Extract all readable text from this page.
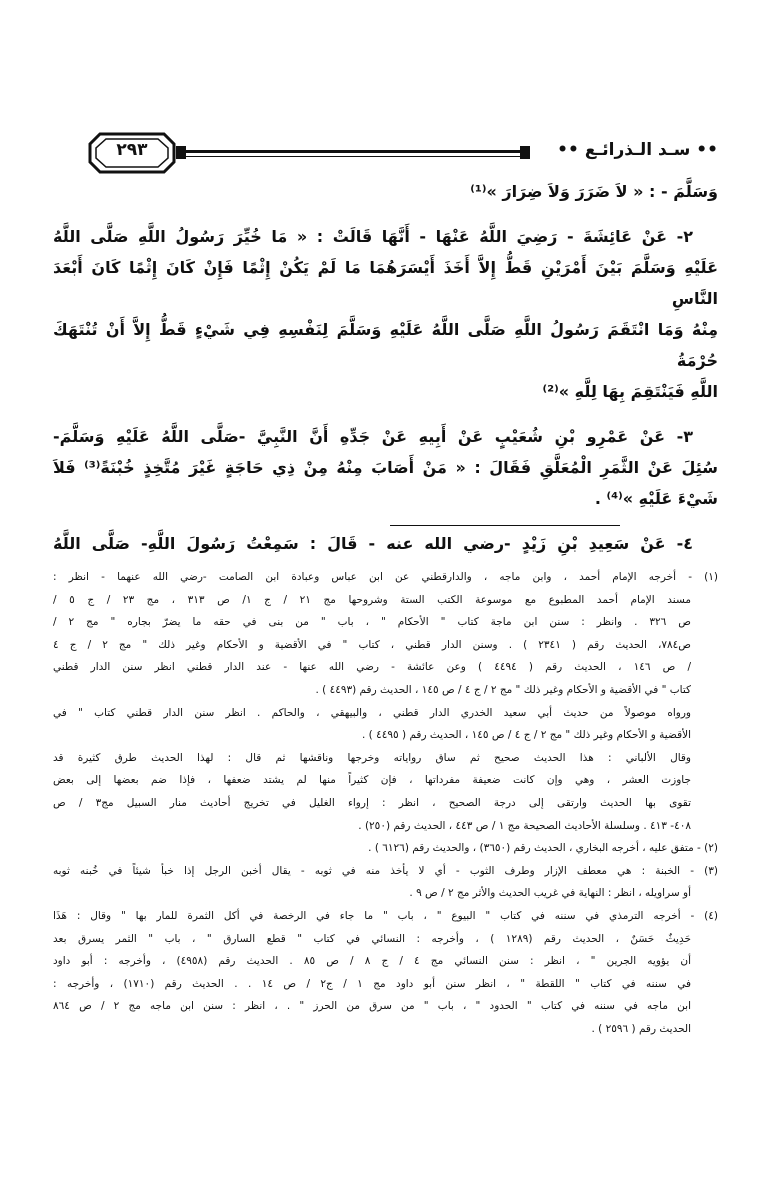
•• سـد الـذرائـع ••
٢٩٣
وَسَلَّمَ - : « لاَ ضَرَرَ وَلاَ ضِرَارَ »⁽¹⁾
٢- عَنْ عَائِشَةَ - رَضِيَ اللَّهُ عَنْهَا - أَنَّهَا قَالَتْ : « مَا خُيِّرَ رَسُولُ اللَّهِ صَلَّى اللَّهُ
عَلَيْهِ وَسَلَّمَ بَيْنَ أَمْرَيْنِ قَطُّ إِلاَّ أَخَذَ أَيْسَرَهُمَا مَا لَمْ يَكُنْ إِثْمًا فَإِنْ كَانَ إِثْمًا كَانَ أَبْعَدَ النَّاسِ
مِنْهُ وَمَا انْتَقَمَ رَسُولُ اللَّهِ صَلَّى اللَّهُ عَلَيْهِ وَسَلَّمَ لِنَفْسِهِ فِي شَيْءٍ قَطُّ إِلاَّ أَنْ تُنْتَهَكَ حُرْمَةُ
اللَّهِ فَيَنْتَقِمَ بِهَا لِلَّهِ »⁽²⁾
٣- عَنْ عَمْرِو بْنِ شُعَيْبٍ عَنْ أَبِيهِ عَنْ جَدِّهِ أَنَّ النَّبِيَّ -صَلَّى اللَّهُ عَلَيْهِ وَسَلَّمَ-
سُئِلَ عَنْ الثَّمَرِ الْمُعَلَّقِ فَقَالَ : « مَنْ أَصَابَ مِنْهُ مِنْ ذِي حَاجَةٍ غَيْرَ مُتَّخِذٍ خُبْنَةً⁽³⁾ فَلاَ
شَيْءَ عَلَيْهِ »⁽⁴⁾ .
٤- عَنْ سَعِيدِ بْنِ زَيْدٍ -رضي الله عنه - قَالَ : سَمِعْتُ رَسُولَ اللَّهِ- صَلَّى اللَّهُ
(١) - أخرجه الإمام أحمد ، وابن ماجه ، والدارقطني عن ابن عباس وعبادة ابن الصامت -رضي الله عنهما - انظر :
مسند الإمام أحمد المطبوع مع موسوعة الكتب الستة وشروحها مج ٢١ / ج ١/ ص ٣١٣ ، مج ٢٣ / ج ٥ /
ص ٣٢٦ . وانظر : سنن ابن ماجة كتاب " الأحكام " ، باب " من بنى في حقه ما يضرّ بجاره " مج ٢ /
ص٧٨٤، الحديث رقم ( ٢٣٤١ ) . وسنن الدار قطني ، كتاب " في الأقضية و الأحكام وغير ذلك " مج ٢ / ج ٤
/ ص ١٤٦ ، الحديث رقم ( ٤٤٩٤ ) وعن عائشة - رضي الله عنها - عند الدار قطني انظر سنن الدار قطني
كتاب " في الأقضية و الأحكام وغير ذلك " مج ٢ / ج ٤ / ص ١٤٥ ، الحديث رقم (٤٤٩٣ ) .
ورواه موصولاً من حديث أبي سعيد الخدري الدار قطني ، والبيهقي ، والحاكم . انظر سنن الدار قطني كتاب " في
الأقضية و الأحكام وغير ذلك " مج ٢ / ج ٤ / ص ١٤٥ ، الحديث رقم ( ٤٤٩٥ ) .
وقال الألباني : هذا الحديث صحيح ثم ساق رواياته وخرجها وناقشها ثم قال : لهذا الحديث طرق كثيرة قد
جاوزت العشر ، وهي وإن كانت ضعيفة مفرداتها ، فإن كثيراً منها لم يشتد ضعفها ، فإذا ضم بعضها إلى بعض
تقوى بها الحديث وارتقى إلى درجة الصحيح ، انظر : إرواء الغليل في تخريج أحاديث منار السبيل مج٣ / ص
٤٠٨- ٤١٣ . وسلسلة الأحاديث الصحيحة مج ١ / ص ٤٤٣ ، الحديث رقم (٢٥٠) .
(٢) - متفق عليه ، أخرجه البخاري ، الحديث رقم (٣٦٥٠) ، والحديث رقم (٦١٢٦ ) .
(٣) - الخبنة : هي معطف الإزار وطرف الثوب - أي لا يأخذ منه في ثوبه - يقال أخبن الرجل إذا خبأ شيئاً في خُبنه ثوبه
أو سراويله ، انظر : النهاية في غريب الحديث والأثر مج ٢ / ص ٩ .
(٤) - أخرجه الترمذي في سننه في كتاب " البيوع " ، باب " ما جاء في الرخصة في أكل الثمرة للمار بها " وقال : هَذَا
حَدِيثٌ حَسَنٌ ، الحديث رقم (١٢٨٩ ) ، وأخرجه : النسائي في كتاب " قطع السارق " ، باب " الثمر يسرق بعد
أن يؤويه الجرين " ، انظر : سنن النسائي مج ٤ / ج ٨ / ص ٨٥ . الحديث رقم (٤٩٥٨) ، وأخرجه : أبو داود
في سننه في كتاب " اللقطة " ، انظر سنن أبو داود مج ١ / ج٢ / ص ١٤ . . الحديث رقم (١٧١٠) ، وأخرجه :
ابن ماجه في سننه في كتاب " الحدود " ، باب " من سرق من الحرز " . ، انظر : سنن ابن ماجه مج ٢ / ص ٨٦٤
الحديث رقم ( ٢٥٩٦ ) .
